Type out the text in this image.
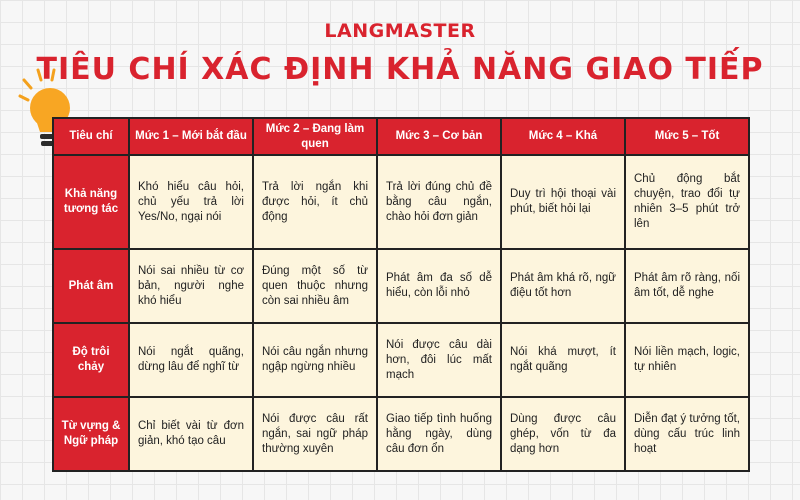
LANGMASTER
TIÊU CHÍ XÁC ĐỊNH KHẢ NĂNG GIAO TIẾP
Tiêu chí	Mức 1 – Mới bắt đầu	Mức 2 – Đang làm quen	Mức 3 – Cơ bản	Mức 4 – Khá	Mức 5 – Tốt
Khả năng tương tác	Khó hiểu câu hỏi, chủ yếu trả lời Yes/No, ngại nói	Trả lời ngắn khi được hỏi, ít chủ động	Trả lời đúng chủ đề bằng câu ngắn, chào hỏi đơn giản	Duy trì hội thoại vài phút, biết hỏi lại	Chủ động bắt chuyện, trao đổi tự nhiên 3–5 phút trở lên
Phát âm	Nói sai nhiều từ cơ bản, người nghe khó hiểu	Đúng một số từ quen thuộc nhưng còn sai nhiều âm	Phát âm đa số dễ hiểu, còn lỗi nhỏ	Phát âm khá rõ, ngữ điệu tốt hơn	Phát âm rõ ràng, nối âm tốt, dễ nghe
Độ trôi chảy	Nói ngắt quãng, dừng lâu để nghĩ từ	Nói câu ngắn nhưng ngập ngừng nhiều	Nói được câu dài hơn, đôi lúc mất mạch	Nói khá mượt, ít ngắt quãng	Nói liền mạch, logic, tự nhiên
Từ vựng & Ngữ pháp	Chỉ biết vài từ đơn giản, khó tạo câu	Nói được câu rất ngắn, sai ngữ pháp thường xuyên	Giao tiếp tình huống hằng ngày, dùng câu đơn ổn	Dùng được câu ghép, vốn từ đa dạng hơn	Diễn đạt ý tưởng tốt, dùng cấu trúc linh hoạt
